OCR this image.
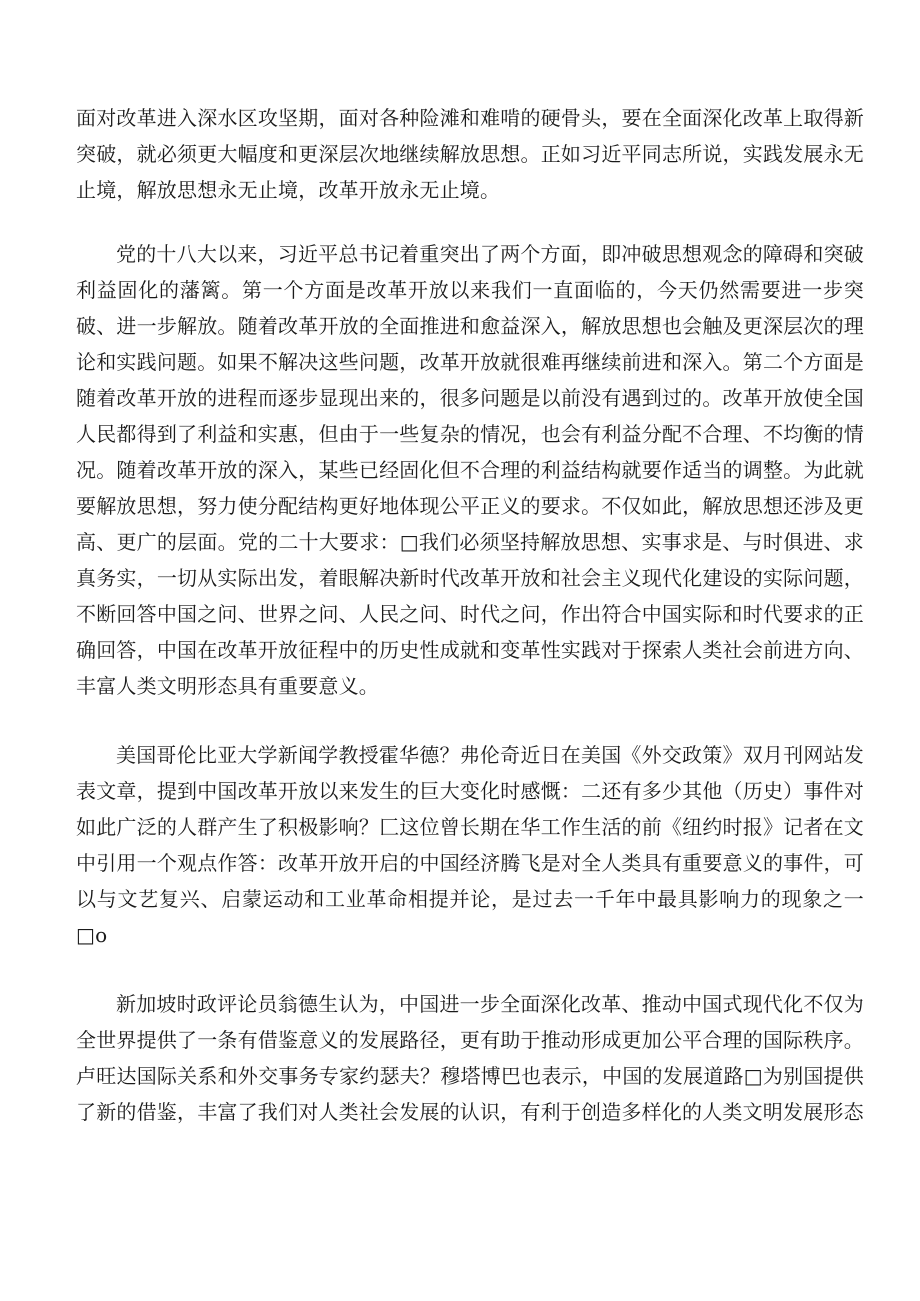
面对改革进入深水区攻坚期，面对各种险滩和难啃的硬骨头，要在全面深化改革上取得新突破，就必须更大幅度和更深层次地继续解放思想。正如习近平同志所说，实践发展永无止境，解放思想永无止境，改革开放永无止境。

党的十八大以来，习近平总书记着重突出了两个方面，即冲破思想观念的障碍和突破利益固化的藩篱。第一个方面是改革开放以来我们一直面临的，今天仍然需要进一步突破、进一步解放。随着改革开放的全面推进和愈益深入，解放思想也会触及更深层次的理论和实践问题。如果不解决这些问题，改革开放就很难再继续前进和深入。第二个方面是随着改革开放的进程而逐步显现出来的，很多问题是以前没有遇到过的。改革开放使全国人民都得到了利益和实惠，但由于一些复杂的情况，也会有利益分配不合理、不均衡的情况。随着改革开放的深入，某些已经固化但不合理的利益结构就要作适当的调整。为此就要解放思想，努力使分配结构更好地体现公平正义的要求。不仅如此，解放思想还涉及更高、更广的层面。党的二十大要求：□我们必须坚持解放思想、实事求是、与时俱进、求真务实，一切从实际出发，着眼解决新时代改革开放和社会主义现代化建设的实际问题，不断回答中国之问、世界之问、人民之问、时代之问，作出符合中国实际和时代要求的正确回答，中国在改革开放征程中的历史性成就和变革性实践对于探索人类社会前进方向、丰富人类文明形态具有重要意义。

美国哥伦比亚大学新闻学教授霍华德？弗伦奇近日在美国《外交政策》双月刊网站发表文章，提到中国改革开放以来发生的巨大变化时感慨：二还有多少其他（历史）事件对如此广泛的人群产生了积极影响？匚这位曾长期在华工作生活的前《纽约时报》记者在文中引用一个观点作答：改革开放开启的中国经济腾飞是对全人类具有重要意义的事件，可以与文艺复兴、启蒙运动和工业革命相提并论，是过去一千年中最具影响力的现象之一□o

新加坡时政评论员翁德生认为，中国进一步全面深化改革、推动中国式现代化不仅为全世界提供了一条有借鉴意义的发展路径，更有助于推动形成更加公平合理的国际秩序。卢旺达国际关系和外交事务专家约瑟夫？穆塔博巴也表示，中国的发展道路□为别国提供了新的借鉴，丰富了我们对人类社会发展的认识，有利于创造多样化的人类文明发展形态
